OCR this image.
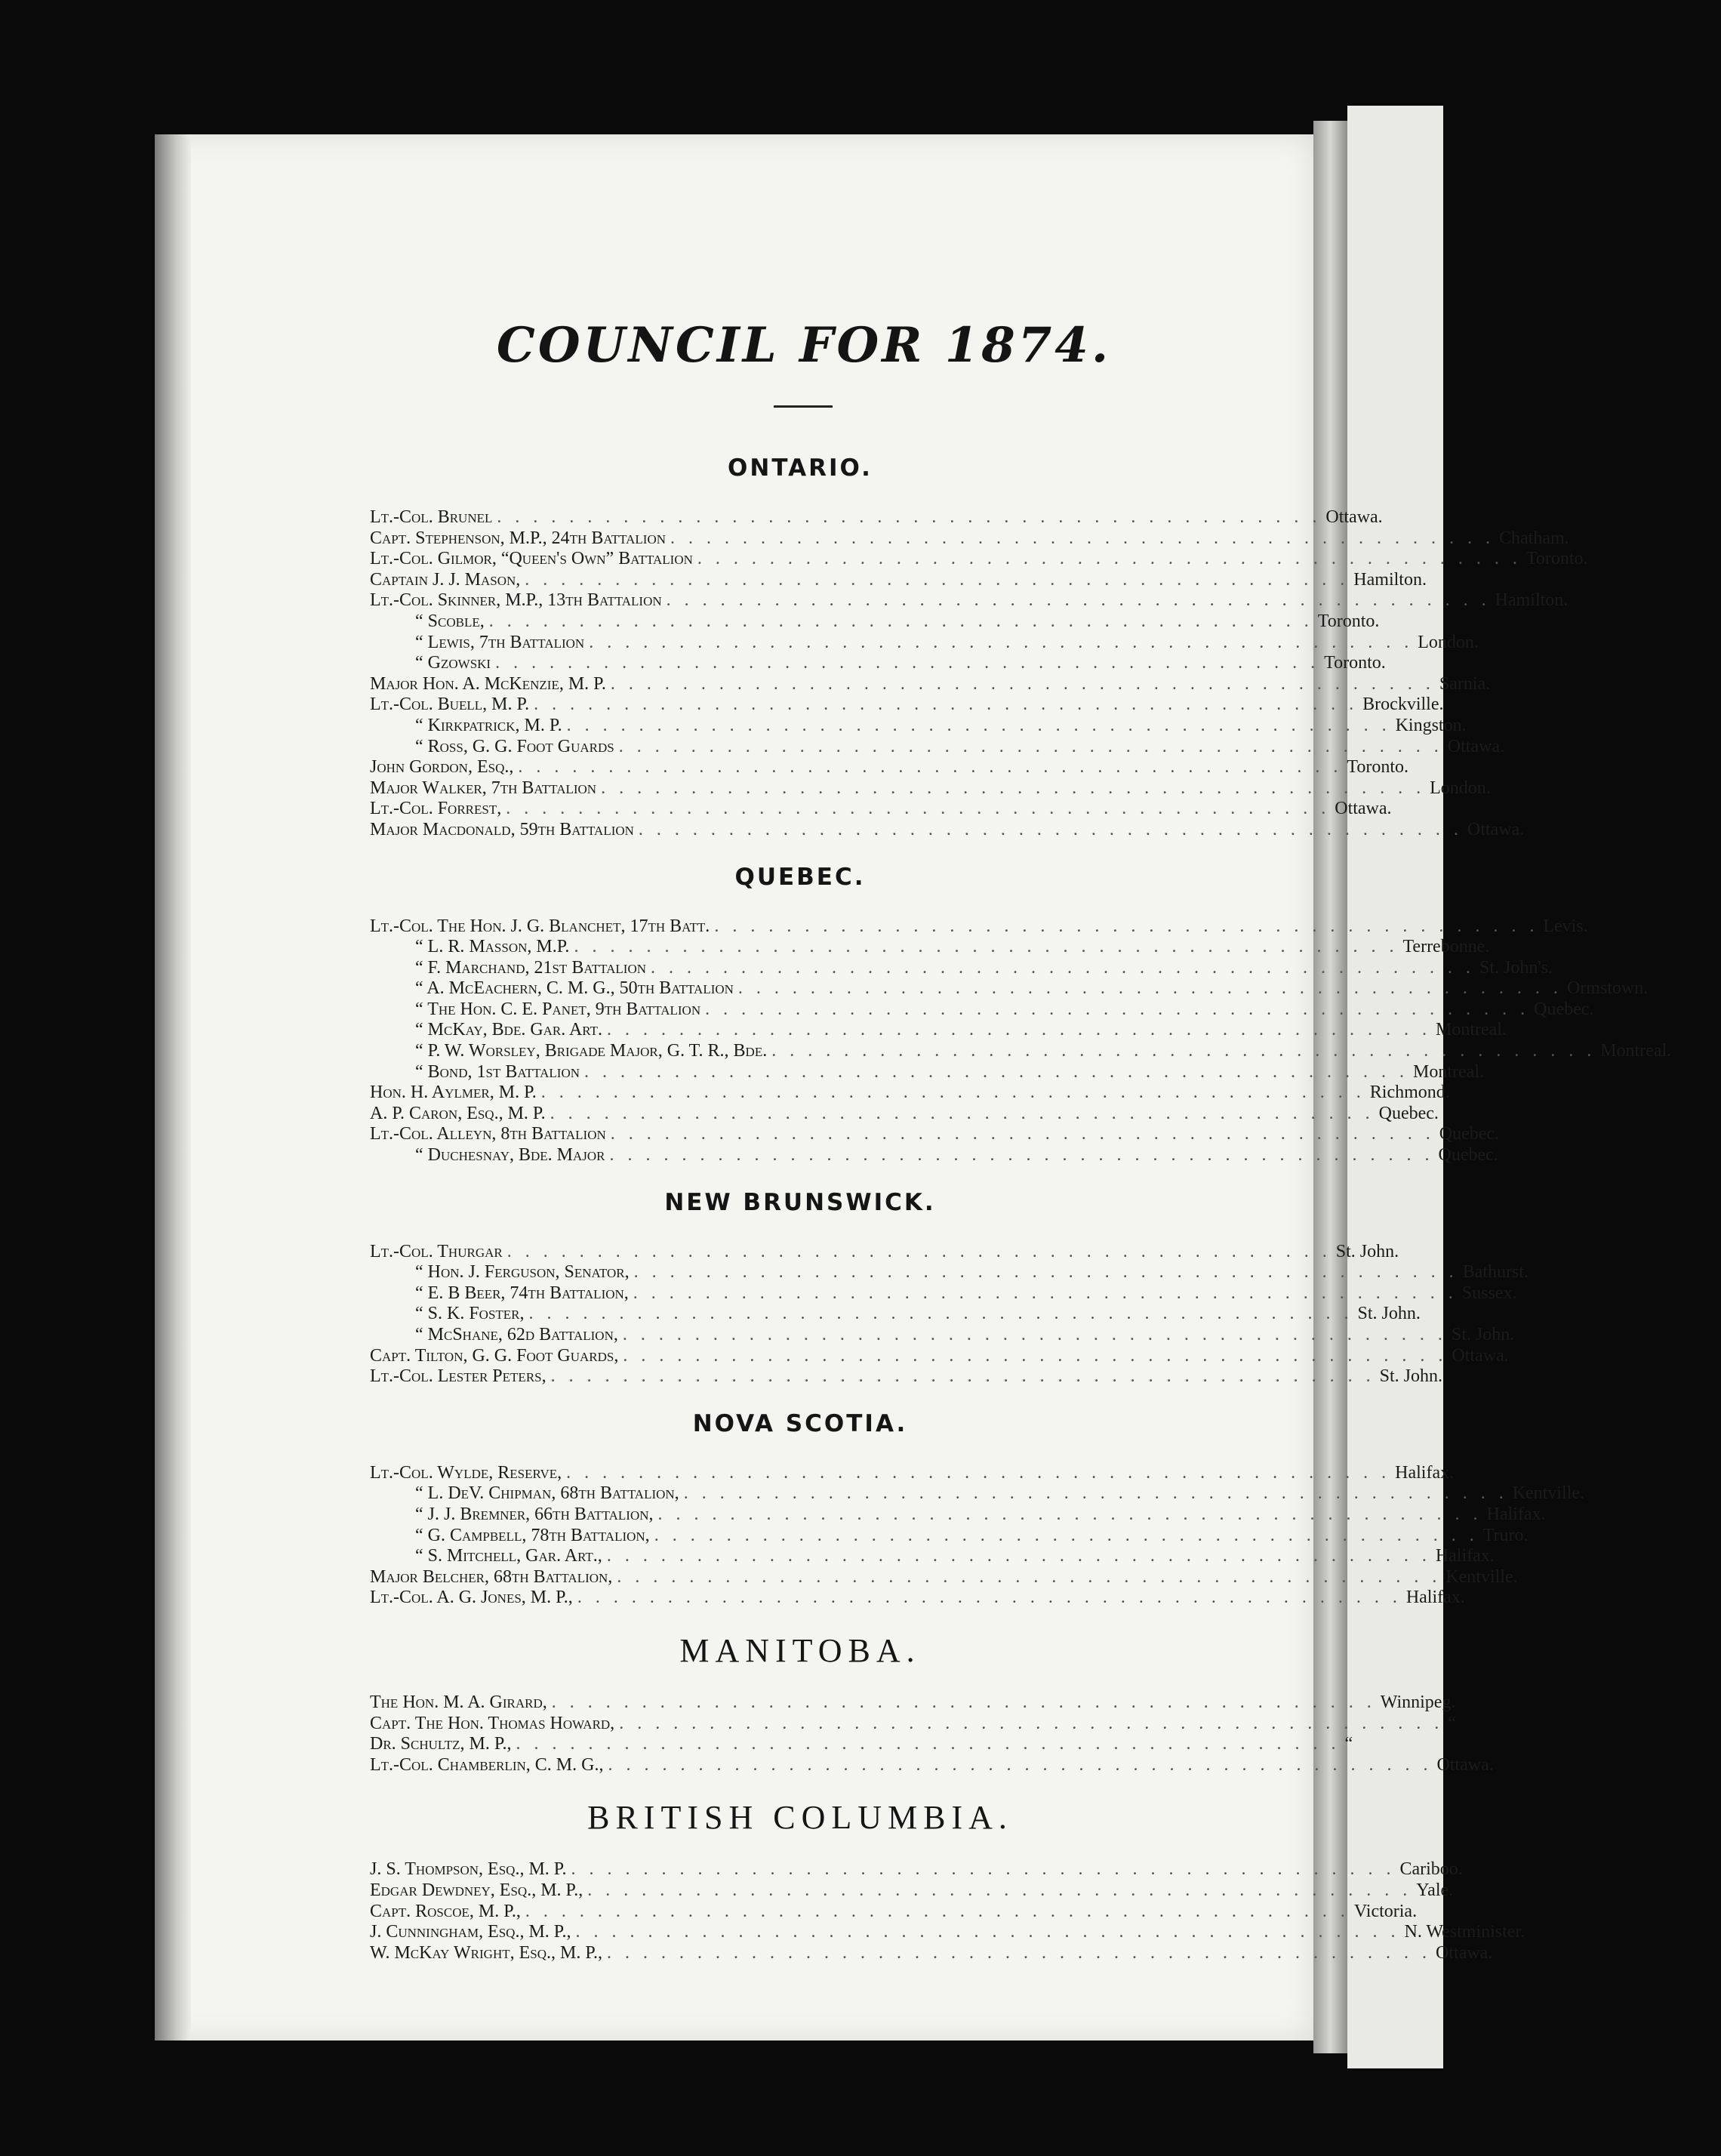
COUNCIL FOR 1874.
ONTARIO.
Lt.-Col. Brunel . . . . . . . . . . . . . . . . . . . . . . . . . . . . . . . . . . . . . . . . . . . . . . Ottawa.
Capt. Stephenson, M.P., 24th Battalion . . . . . . . . . . . . . . . . . . . . . . . . . . . . . . . . . . . . . . . . . . . . . . Chatham.
Lt.-Col. Gilmor, “Queen's Own” Battalion . . . . . . . . . . . . . . . . . . . . . . . . . . . . . . . . . . . . . . . . . . . . . . Toronto.
Captain J. J. Mason, . . . . . . . . . . . . . . . . . . . . . . . . . . . . . . . . . . . . . . . . . . . . . . Hamilton.
Lt.-Col. Skinner, M.P., 13th Battalion . . . . . . . . . . . . . . . . . . . . . . . . . . . . . . . . . . . . . . . . . . . . . . Hamilton.
“ Scoble, . . . . . . . . . . . . . . . . . . . . . . . . . . . . . . . . . . . . . . . . . . . . . . Toronto.
“ Lewis, 7th Battalion . . . . . . . . . . . . . . . . . . . . . . . . . . . . . . . . . . . . . . . . . . . . . . London.
“ Gzowski . . . . . . . . . . . . . . . . . . . . . . . . . . . . . . . . . . . . . . . . . . . . . . Toronto.
Major Hon. A. McKenzie, M. P. . . . . . . . . . . . . . . . . . . . . . . . . . . . . . . . . . . . . . . . . . . . . . . Sarnia.
Lt.-Col. Buell, M. P. . . . . . . . . . . . . . . . . . . . . . . . . . . . . . . . . . . . . . . . . . . . . . . Brockville.
“ Kirkpatrick, M. P. . . . . . . . . . . . . . . . . . . . . . . . . . . . . . . . . . . . . . . . . . . . . . . Kingston.
“ Ross, G. G. Foot Guards . . . . . . . . . . . . . . . . . . . . . . . . . . . . . . . . . . . . . . . . . . . . . . Ottawa.
John Gordon, Esq., . . . . . . . . . . . . . . . . . . . . . . . . . . . . . . . . . . . . . . . . . . . . . . Toronto.
Major Walker, 7th Battalion . . . . . . . . . . . . . . . . . . . . . . . . . . . . . . . . . . . . . . . . . . . . . . London.
Lt.-Col. Forrest, . . . . . . . . . . . . . . . . . . . . . . . . . . . . . . . . . . . . . . . . . . . . . . Ottawa.
Major Macdonald, 59th Battalion . . . . . . . . . . . . . . . . . . . . . . . . . . . . . . . . . . . . . . . . . . . . . . Ottawa.
QUEBEC.
Lt.-Col. The Hon. J. G. Blanchet, 17th Batt. . . . . . . . . . . . . . . . . . . . . . . . . . . . . . . . . . . . . . . . . . . . . . . Levis.
“ L. R. Masson, M.P. . . . . . . . . . . . . . . . . . . . . . . . . . . . . . . . . . . . . . . . . . . . . . . Terrebonne.
“ F. Marchand, 21st Battalion . . . . . . . . . . . . . . . . . . . . . . . . . . . . . . . . . . . . . . . . . . . . . . St. John's.
“ A. McEachern, C. M. G., 50th Battalion . . . . . . . . . . . . . . . . . . . . . . . . . . . . . . . . . . . . . . . . . . . . . . Ormstown.
“ The Hon. C. E. Panet, 9th Battalion . . . . . . . . . . . . . . . . . . . . . . . . . . . . . . . . . . . . . . . . . . . . . . Quebec.
“ McKay, Bde. Gar. Art. . . . . . . . . . . . . . . . . . . . . . . . . . . . . . . . . . . . . . . . . . . . . . . Montreal.
“ P. W. Worsley, Brigade Major, G. T. R., Bde. . . . . . . . . . . . . . . . . . . . . . . . . . . . . . . . . . . . . . . . . . . . . . . Montreal.
“ Bond, 1st Battalion . . . . . . . . . . . . . . . . . . . . . . . . . . . . . . . . . . . . . . . . . . . . . . Montreal.
Hon. H. Aylmer, M. P. . . . . . . . . . . . . . . . . . . . . . . . . . . . . . . . . . . . . . . . . . . . . . . Richmond.
A. P. Caron, Esq., M. P. . . . . . . . . . . . . . . . . . . . . . . . . . . . . . . . . . . . . . . . . . . . . . . Quebec.
Lt.-Col. Alleyn, 8th Battalion . . . . . . . . . . . . . . . . . . . . . . . . . . . . . . . . . . . . . . . . . . . . . . Quebec.
“ Duchesnay, Bde. Major . . . . . . . . . . . . . . . . . . . . . . . . . . . . . . . . . . . . . . . . . . . . . . Quebec.
NEW BRUNSWICK.
Lt.-Col. Thurgar . . . . . . . . . . . . . . . . . . . . . . . . . . . . . . . . . . . . . . . . . . . . . . St. John.
“ Hon. J. Ferguson, Senator, . . . . . . . . . . . . . . . . . . . . . . . . . . . . . . . . . . . . . . . . . . . . . . Bathurst.
“ E. B Beer, 74th Battalion, . . . . . . . . . . . . . . . . . . . . . . . . . . . . . . . . . . . . . . . . . . . . . . Sussex.
“ S. K. Foster, . . . . . . . . . . . . . . . . . . . . . . . . . . . . . . . . . . . . . . . . . . . . . . St. John.
“ McShane, 62d Battalion, . . . . . . . . . . . . . . . . . . . . . . . . . . . . . . . . . . . . . . . . . . . . . . St. John.
Capt. Tilton, G. G. Foot Guards, . . . . . . . . . . . . . . . . . . . . . . . . . . . . . . . . . . . . . . . . . . . . . . Ottawa.
Lt.-Col. Lester Peters, . . . . . . . . . . . . . . . . . . . . . . . . . . . . . . . . . . . . . . . . . . . . . . St. John.
NOVA SCOTIA.
Lt.-Col. Wylde, Reserve, . . . . . . . . . . . . . . . . . . . . . . . . . . . . . . . . . . . . . . . . . . . . . . Halifax.
“ L. DeV. Chipman, 68th Battalion, . . . . . . . . . . . . . . . . . . . . . . . . . . . . . . . . . . . . . . . . . . . . . . Kentville.
“ J. J. Bremner, 66th Battalion, . . . . . . . . . . . . . . . . . . . . . . . . . . . . . . . . . . . . . . . . . . . . . . Halifax.
“ G. Campbell, 78th Battalion, . . . . . . . . . . . . . . . . . . . . . . . . . . . . . . . . . . . . . . . . . . . . . . Truro.
“ S. Mitchell, Gar. Art., . . . . . . . . . . . . . . . . . . . . . . . . . . . . . . . . . . . . . . . . . . . . . . Halifax.
Major Belcher, 68th Battalion, . . . . . . . . . . . . . . . . . . . . . . . . . . . . . . . . . . . . . . . . . . . . . . Kentville.
Lt.-Col. A. G. Jones, M. P., . . . . . . . . . . . . . . . . . . . . . . . . . . . . . . . . . . . . . . . . . . . . . . Halifax.
MANITOBA.
The Hon. M. A. Girard, . . . . . . . . . . . . . . . . . . . . . . . . . . . . . . . . . . . . . . . . . . . . . . Winnipeg.
Capt. The Hon. Thomas Howard, . . . . . . . . . . . . . . . . . . . . . . . . . . . . . . . . . . . . . . . . . . . . . . “
Dr. Schultz, M. P., . . . . . . . . . . . . . . . . . . . . . . . . . . . . . . . . . . . . . . . . . . . . . . “
Lt.-Col. Chamberlin, C. M. G., . . . . . . . . . . . . . . . . . . . . . . . . . . . . . . . . . . . . . . . . . . . . . . Ottawa.
BRITISH COLUMBIA.
J. S. Thompson, Esq., M. P. . . . . . . . . . . . . . . . . . . . . . . . . . . . . . . . . . . . . . . . . . . . . . . Cariboo.
Edgar Dewdney, Esq., M. P., . . . . . . . . . . . . . . . . . . . . . . . . . . . . . . . . . . . . . . . . . . . . . . Yale.
Capt. Roscoe, M. P., . . . . . . . . . . . . . . . . . . . . . . . . . . . . . . . . . . . . . . . . . . . . . . Victoria.
J. Cunningham, Esq., M. P., . . . . . . . . . . . . . . . . . . . . . . . . . . . . . . . . . . . . . . . . . . . . . . N. Westminister.
W. McKay Wright, Esq., M. P., . . . . . . . . . . . . . . . . . . . . . . . . . . . . . . . . . . . . . . . . . . . . . . Ottawa.
